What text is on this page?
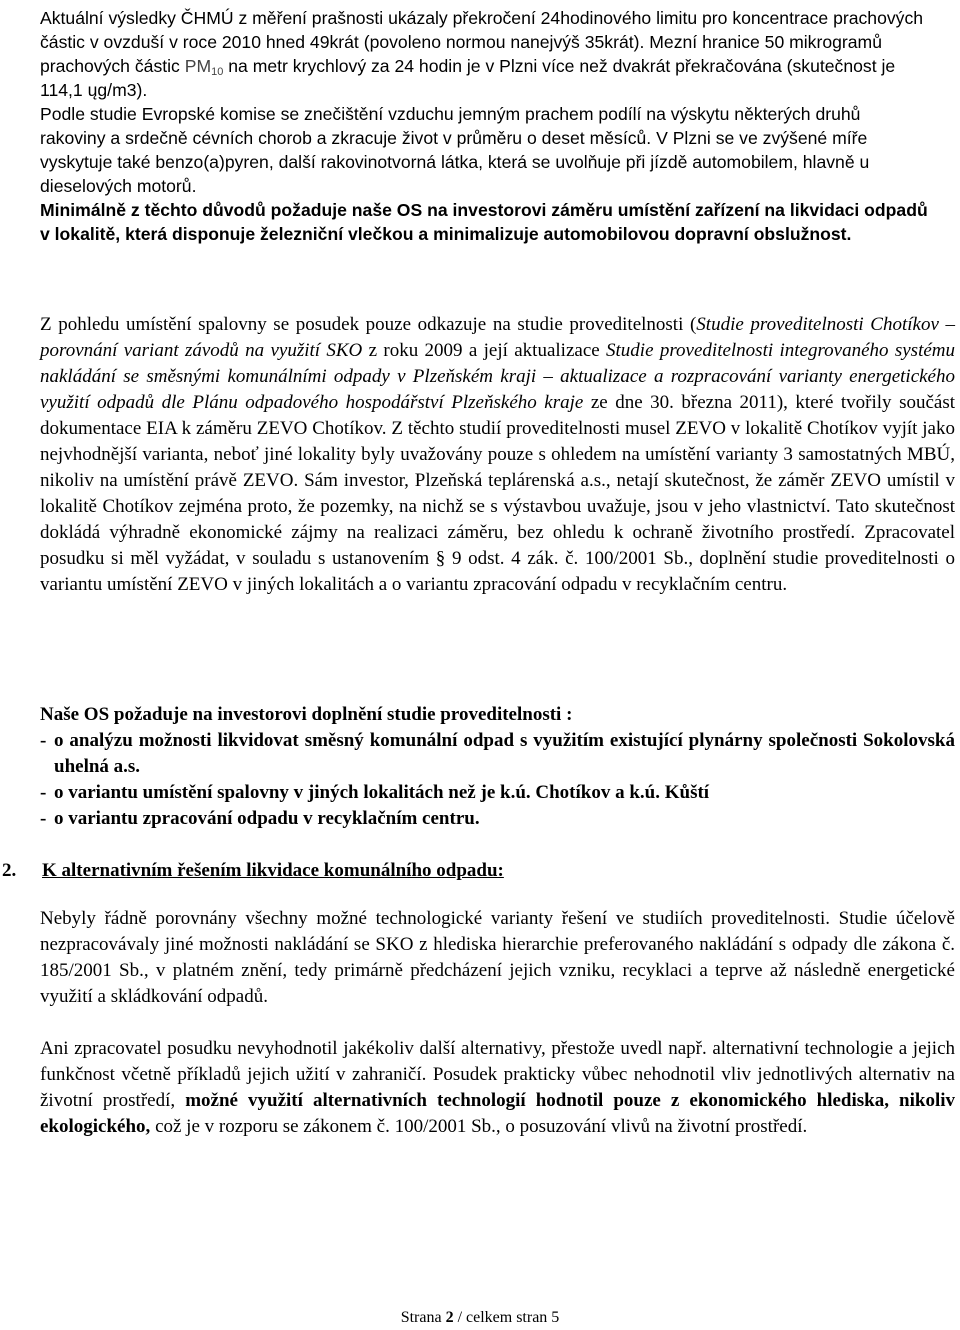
Aktuální výsledky ČHMÚ z měření prašnosti ukázaly překročení 24hodinového limitu pro koncentrace prachových částic v ovzduší v roce 2010 hned 49krát (povoleno normou nanejvýš 35krát). Mezní hranice 50 mikrogramů prachových částic $PM_{10}$ na metr krychlový za 24 hodin je v Plzni více než dvakrát překračována (skutečnost je 114,1 ųg/m3).

Podle studie Evropské komise se znečištění vzduchu jemným prachem podílí na výskytu některých druhů rakoviny a srdečně cévních chorob a zkracuje život v průměru o deset měsíců. V Plzni se ve zvýšené míře vyskytuje také benzo(a)pyren, další rakovinotvorná látka, která se uvolňuje při jízdě automobilem, hlavně u dieselových motorů.

Minimálně z těchto důvodů požaduje naše OS na investorovi záměru umístění zařízení na likvidaci odpadů v lokalitě, která disponuje železniční vlečkou a minimalizuje automobilovou dopravní obslužnost.

Z pohledu umístění spalovny se posudek pouze odkazuje na studie proveditelnosti (Studie proveditelnosti Chotíkov – porovnání variant závodů na využití SKO z roku 2009 a její aktualizace Studie proveditelnosti integrovaného systému nakládání se směsnými komunálními odpady v Plzeňském kraji – aktualizace a rozpracování varianty energetického využití odpadů dle Plánu odpadového hospodářství Plzeňského kraje ze dne 30. března 2011), které tvořily součást dokumentace EIA k záměru ZEVO Chotíkov. Z těchto studií proveditelnosti musel ZEVO v lokalitě Chotíkov vyjít jako nejvhodnější varianta, neboť jiné lokality byly uvažovány pouze s ohledem na umístění varianty 3 samostatných MBÚ, nikoliv na umístění právě ZEVO. Sám investor, Plzeňská teplárenská a.s., netají skutečnost, že záměr ZEVO umístil v lokalitě Chotíkov zejména proto, že pozemky, na nichž se s výstavbou uvažuje, jsou v jeho vlastnictví. Tato skutečnost dokládá výhradně ekonomické zájmy na realizaci záměru, bez ohledu k ochraně životního prostředí. Zpracovatel posudku si měl vyžádat, v souladu s ustanovením § 9 odst. 4 zák. č. 100/2001 Sb., doplnění studie proveditelnosti o variantu umístění ZEVO v jiných lokalitách a o variantu zpracování odpadu v recyklačním centru.

Naše OS požaduje na investorovi doplnění studie proveditelnosti :

- o analýzu možnosti likvidovat směsný komunální odpad s využitím existující plynárny společnosti Sokolovská uhelná a.s.
- o variantu umístění spalovny v jiných lokalitách než je k.ú. Chotíkov a k.ú. Kůští
- o variantu zpracování odpadu v recyklačním centru.
2. K alternativním řešením likvidace komunálního odpadu:

Nebyly řádně porovnány všechny možné technologické varianty řešení ve studiích proveditelnosti. Studie účelově nezpracovávaly jiné možnosti nakládání se SKO z hlediska hierarchie preferovaného nakládání s odpady dle zákona č. 185/2001 Sb., v platném znění, tedy primárně předcházení jejich vzniku, recyklaci a teprve až následně energetické využití a skládkování odpadů.

Ani zpracovatel posudku nevyhodnotil jakékoliv další alternativy, přestože uvedl např. alternativní technologie a jejich funkčnost včetně příkladů jejich užití v zahraničí. Posudek prakticky vůbec nehodnotil vliv jednotlivých alternativ na životní prostředí, možné využití alternativních technologií hodnotil pouze z ekonomického hlediska, nikoliv ekologického, což je v rozporu se zákonem č. 100/2001 Sb., o posuzování vlivů na životní prostředí.

Strana 2 / celkem stran 5
